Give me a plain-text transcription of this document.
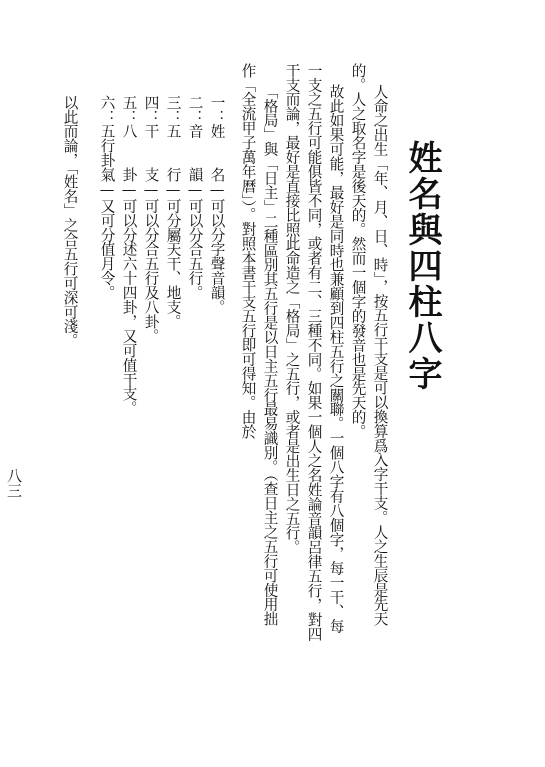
姓名與四柱八字
人命之出生「年、月、日、時」，按五行干支是可以換算爲入字干支。人之生辰是先天
的。人之取名字是後天的。然而一個字的發音也是先天的。
故此如果可能，最好是同時也兼顧到四柱五行之關聯。一個八字有八個字，每一干、每
一支之五行可能俱皆不同，或者有二、三種不同。如果一個人之名姓論音韻呂律五行，對四
干支而論，最好是直接比照此命造之「格局」之五行，或者是出生日之五行。
「格局」與「日主」二種區別其五行是以日主五行最易識別。（查日主之五行可使用拙
作「全流甲子萬年曆」）。對照本書干支五行即可得知。由於
一：姓　　名—可以分字聲音韻。
二：音　　韻—可以分合五行。
三：五　　行—可分屬天干、地支。
四：干　　支—可以分合五行及八卦。
五：八　　卦—可以分述六十四卦，又可值干支。
六：五行卦氣—又可分值月令。
以此而論，「姓名」之合五行可深可淺。
八三
